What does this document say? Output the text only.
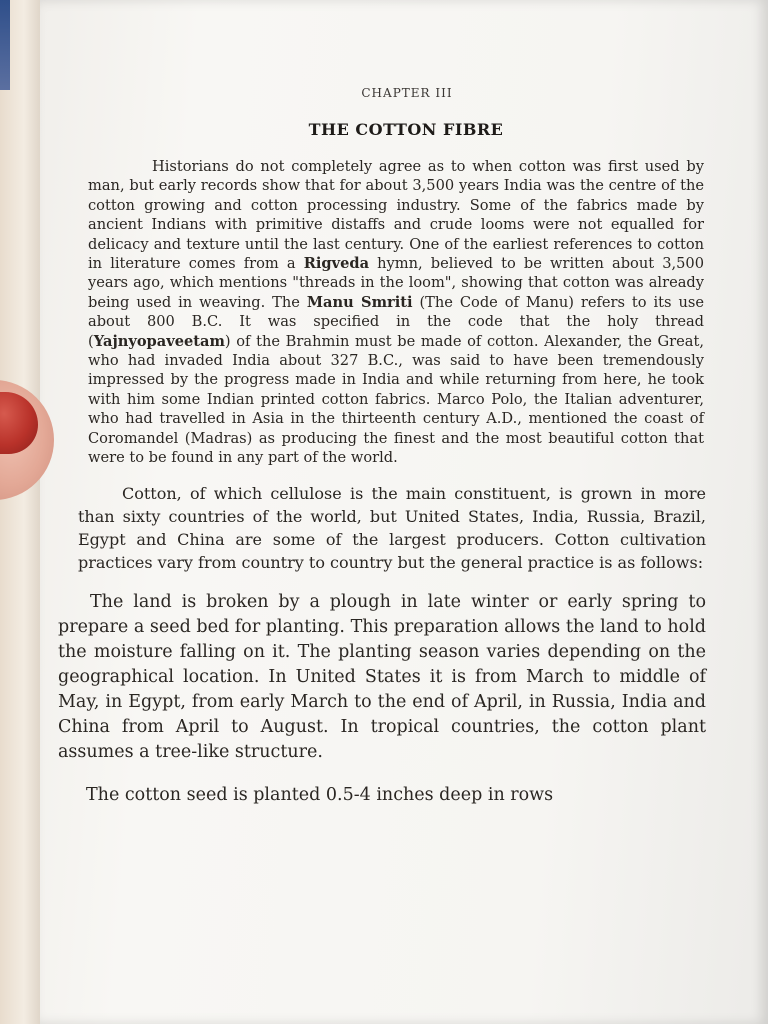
CHAPTER III
THE COTTON FIBRE

Historians do not completely agree as to when cotton was first used by man, but early records show that for about 3,500 years India was the centre of the cotton growing and cotton processing industry. Some of the fabrics made by ancient Indians with primitive distaffs and crude looms were not equalled for delicacy and texture until the last century. One of the earliest references to cotton in literature comes from a Rigveda hymn, believed to be written about 3,500 years ago, which mentions "threads in the loom", showing that cotton was already being used in weaving. The Manu Smriti (The Code of Manu) refers to its use about 800 B.C. It was specified in the code that the holy thread (Yajnyopaveetam) of the Brahmin must be made of cotton. Alexander, the Great, who had invaded India about 327 B.C., was said to have been tremendously impressed by the progress made in India and while returning from here, he took with him some Indian printed cotton fabrics. Marco Polo, the Italian adventurer, who had travelled in Asia in the thirteenth century A.D., mentioned the coast of Coromandel (Madras) as producing the finest and the most beautiful cotton that were to be found in any part of the world.

Cotton, of which cellulose is the main constituent, is grown in more than sixty countries of the world, but United States, India, Russia, Brazil, Egypt and China are some of the largest producers. Cotton cultivation practices vary from country to country but the general practice is as follows:

The land is broken by a plough in late winter or early spring to prepare a seed bed for planting. This preparation allows the land to hold the moisture falling on it. The planting season varies depending on the geographical location. In United States it is from March to middle of May, in Egypt, from early March to the end of April, in Russia, India and China from April to August. In tropical countries, the cotton plant assumes a tree-like structure.

The cotton seed is planted 0.5-4 inches deep in rows
